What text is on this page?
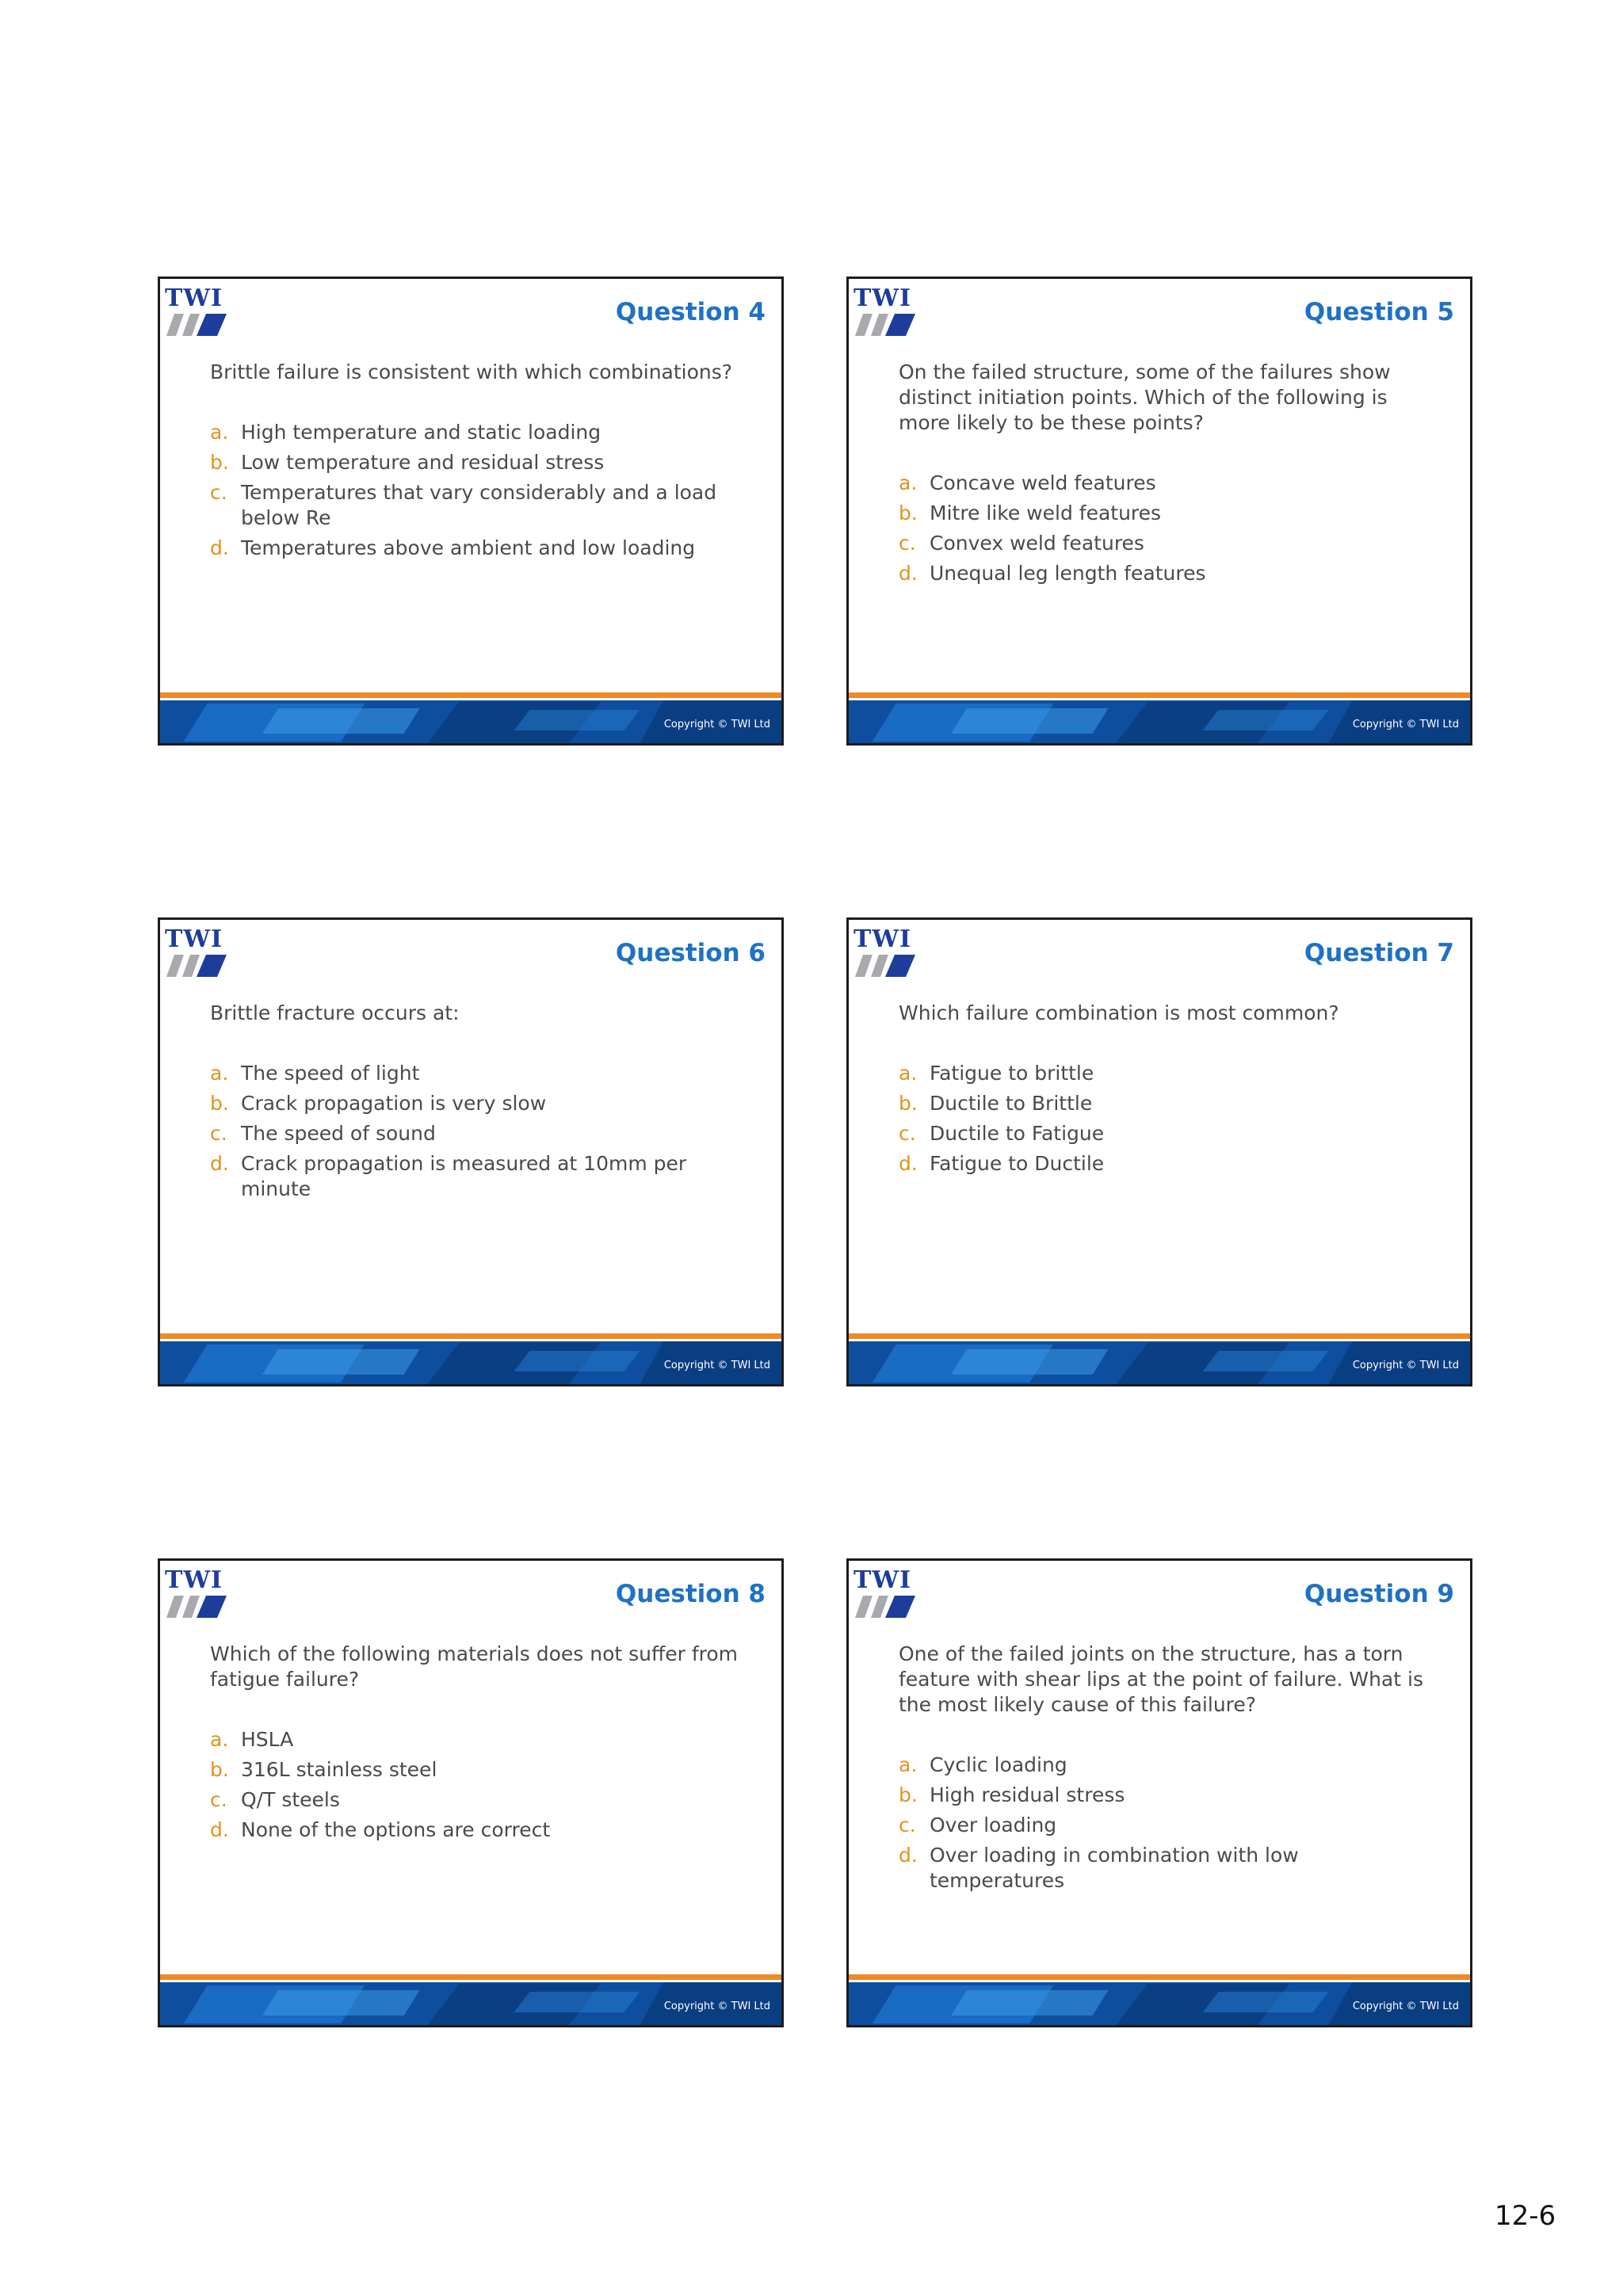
TWI	Question 4

Brittle failure is consistent with which combinations?

a. High temperature and static loading
b. Low temperature and residual stress
c. Temperatures that vary considerably and a load below Re
d. Temperatures above ambient and low loading
Copyright © TWI Ltd
TWI	Question 5

On the failed structure, some of the failures show distinct initiation points. Which of the following is more likely to be these points?

a. Concave weld features
b. Mitre like weld features
c. Convex weld features
d. Unequal leg length features
Copyright © TWI Ltd
TWI	Question 6

Brittle fracture occurs at:

a. The speed of light
b. Crack propagation is very slow
c. The speed of sound
d. Crack propagation is measured at 10mm per minute
Copyright © TWI Ltd
TWI	Question 7

Which failure combination is most common?

a. Fatigue to brittle
b. Ductile to Brittle
c. Ductile to Fatigue
d. Fatigue to Ductile
Copyright © TWI Ltd
TWI	Question 8

Which of the following materials does not suffer from fatigue failure?

a. HSLA
b. 316L stainless steel
c. Q/T steels
d. None of the options are correct
Copyright © TWI Ltd
TWI	Question 9

One of the failed joints on the structure, has a torn feature with shear lips at the point of failure. What is the most likely cause of this failure?

a. Cyclic loading
b. High residual stress
c. Over loading
d. Over loading in combination with low temperatures
Copyright © TWI Ltd
12-6
